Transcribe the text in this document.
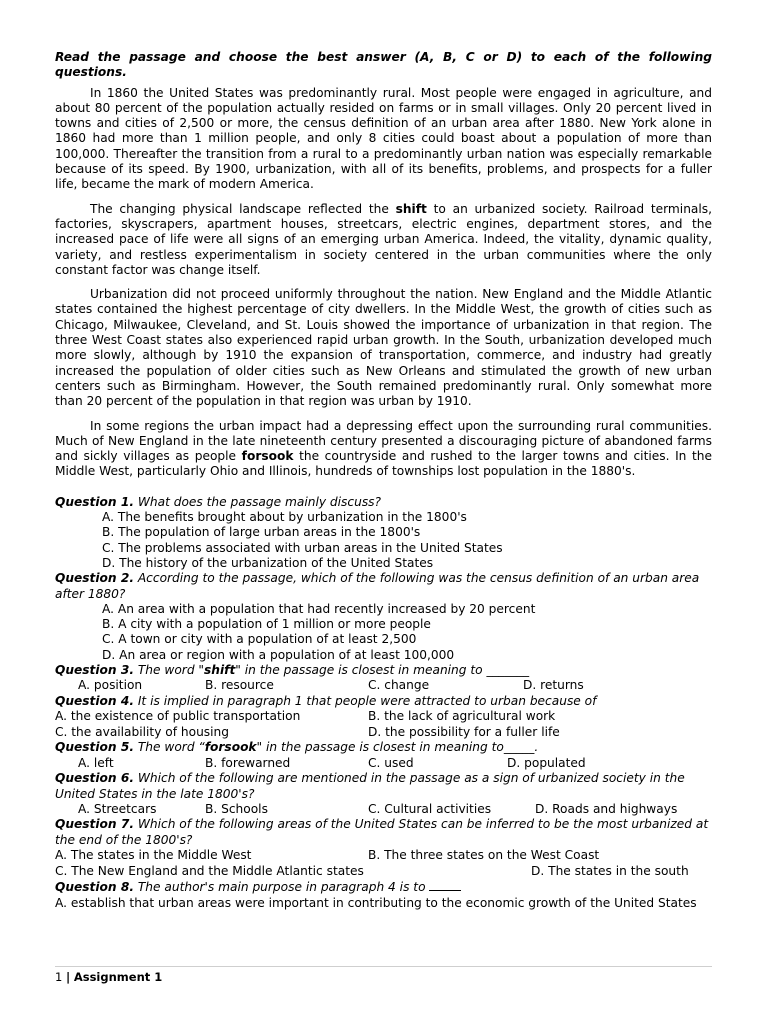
Read the passage and choose the best answer (A, B, C or D) to each of the following questions.

In 1860 the United States was predominantly rural. Most people were engaged in agriculture, and about 80 percent of the population actually resided on farms or in small villages. Only 20 percent lived in towns and cities of 2,500 or more, the census definition of an urban area after 1880. New York alone in 1860 had more than 1 million people, and only 8 cities could boast about a population of more than 100,000. Thereafter the transition from a rural to a predominantly urban nation was especially remarkable because of its speed. By 1900, urbanization, with all of its benefits, problems, and prospects for a fuller life, became the mark of modern America.

The changing physical landscape reflected the shift to an urbanized society. Railroad terminals, factories, skyscrapers, apartment houses, streetcars, electric engines, department stores, and the increased pace of life were all signs of an emerging urban America. Indeed, the vitality, dynamic quality, variety, and restless experimentalism in society centered in the urban communities where the only constant factor was change itself.

Urbanization did not proceed uniformly throughout the nation. New England and the Middle Atlantic states contained the highest percentage of city dwellers. In the Middle West, the growth of cities such as Chicago, Milwaukee, Cleveland, and St. Louis showed the importance of urbanization in that region. The three West Coast states also experienced rapid urban growth. In the South, urbanization developed much more slowly, although by 1910 the expansion of transportation, commerce, and industry had greatly increased the population of older cities such as New Orleans and stimulated the growth of new urban centers such as Birmingham. However, the South remained predominantly rural. Only somewhat more than 20 percent of the population in that region was urban by 1910.

In some regions the urban impact had a depressing effect upon the surrounding rural communities. Much of New England in the late nineteenth century presented a discouraging picture of abandoned farms and sickly villages as people forsook the countryside and rushed to the larger towns and cities. In the Middle West, particularly Ohio and Illinois, hundreds of townships lost population in the 1880's.

Question 1. What does the passage mainly discuss?

A. The benefits brought about by urbanization in the 1800's

B. The population of large urban areas in the 1800's

C. The problems associated with urban areas in the United States

D. The history of the urbanization of the United States

Question 2. According to the passage, which of the following was the census definition of an urban area after 1880?

A. An area with a population that had recently increased by 20 percent

B. A city with a population of 1 million or more people

C. A town or city with a population of at least 2,500

D. An area or region with a population of at least 100,000

Question 3. The word "shift" in the passage is closest in meaning to _______

A. position	B. resource	C. change	D. returns

Question 4. It is implied in paragraph 1 that people were attracted to urban because of

A. the existence of public transportation	B. the lack of agricultural work
C. the availability of housing	D. the possibility for a fuller life

Question 5. The word “forsook" in the passage is closest in meaning to_____.

A. left	B. forewarned	C. used	D. populated

Question 6. Which of the following are mentioned in the passage as a sign of urbanized society in the United States in the late 1800's?

A. Streetcars	B. Schools	C. Cultural activities	D. Roads and highways

Question 7. Which of the following areas of the United States can be inferred to be the most urbanized at the end of the 1800's?

A. The states in the Middle West	B. The three states on the West Coast
C. The New England and the Middle Atlantic states	D. The states in the south

Question 8. The author's main purpose in paragraph 4 is to

A. establish that urban areas were important in contributing to the economic growth of the United States

1 | Assignment 1
